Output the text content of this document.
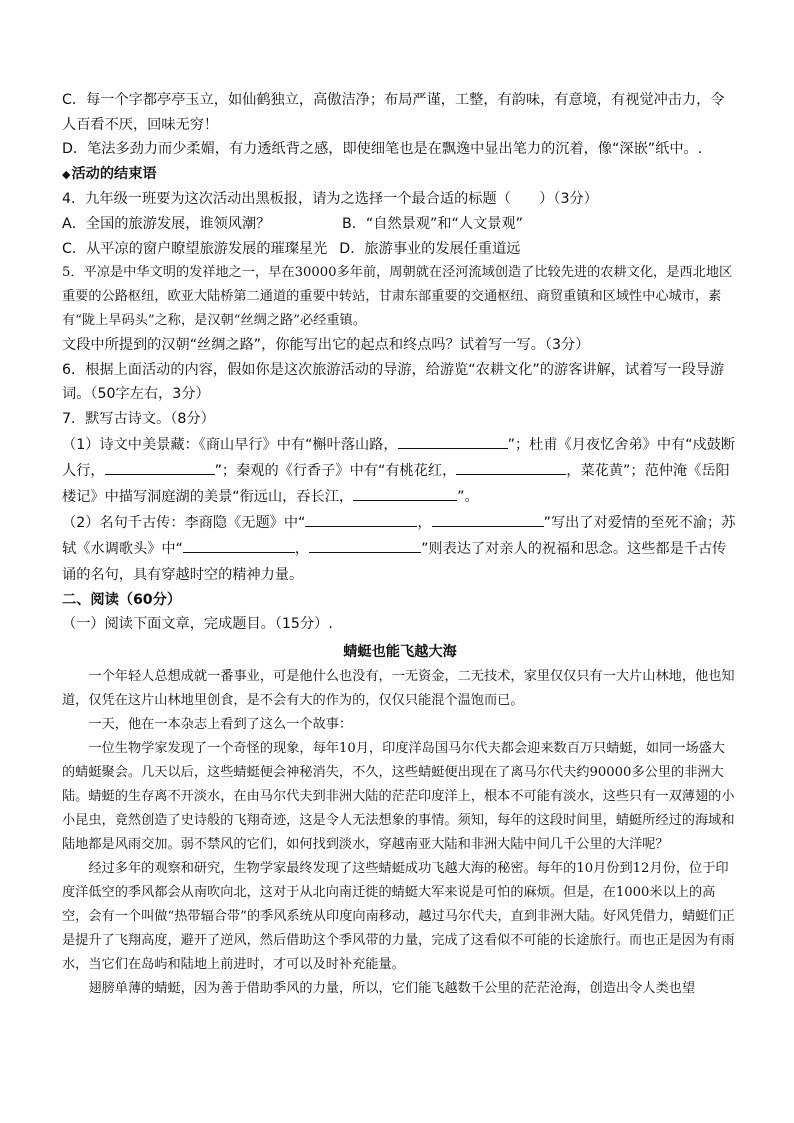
C．每一个字都亭亭玉立，如仙鹤独立，高傲洁净；布局严谨，工整，有韵味，有意境，有视觉冲击力，令人百看不厌，回味无穷！

D．笔法多劲力而少柔媚，有力透纸背之感，即使细笔也是在飘逸中显出笔力的沉着，像“深嵌”纸中。.

◆活动的结束语

4．九年级一班要为这次活动出黑板报，请为之选择一个最合适的标题（　　）（3分）

A．全国的旅游发展，谁领风潮？	B．“自然景观”和“人文景观”

C．从平凉的窗户瞭望旅游发展的璀璨星光 D．旅游事业的发展任重道远

5．平凉是中华文明的发祥地之一，早在30000多年前，周朝就在泾河流域创造了比较先进的农耕文化，是西北地区重要的公路枢纽，欧亚大陆桥第二通道的重要中转站，甘肃东部重要的交通枢纽、商贸重镇和区域性中心城市，素有“陇上旱码头”之称，是汉朝“丝绸之路”必经重镇。

文段中所提到的汉朝“丝绸之路”，你能写出它的起点和终点吗？试着写一写。（3分）

6．根据上面活动的内容，假如你是这次旅游活动的导游，给游览“农耕文化”的游客讲解，试着写一段导游词。（50字左右，3分）

7．默写古诗文。（8分）

（1）诗文中美景藏：《商山早行》中有“槲叶落山路，	”；杜甫《月夜忆舍弟》中有“戍鼓断人行，	”；秦观的《行香子》中有“有桃花红，	，菜花黄”；范仲淹《岳阳楼记》中描写洞庭湖的美景“衔远山，吞长江，	”。

（2）名句千古传：李商隐《无题》中“	，	”写出了对爱情的至死不渝；苏轼《水调歌头》中“	，	”则表达了对亲人的祝福和思念。这些都是千古传诵的名句，具有穿越时空的精神力量。

二、阅读（60分）

（一）阅读下面文章，完成题目。（15分）.

蜻蜓也能飞越大海

一个年轻人总想成就一番事业，可是他什么也没有，一无资金，二无技术，家里仅仅只有一大片山林地，他也知道，仅凭在这片山林地里创食，是不会有大的作为的，仅仅只能混个温饱而已。

一天，他在一本杂志上看到了这么一个故事：

一位生物学家发现了一个奇怪的现象，每年10月，印度洋岛国马尔代夫都会迎来数百万只蜻蜓，如同一场盛大的蜻蜓聚会。几天以后，这些蜻蜓便会神秘消失，不久，这些蜻蜓便出现在了离马尔代夫约90000多公里的非洲大陆。蜻蜓的生存离不开淡水，在由马尔代夫到非洲大陆的茫茫印度洋上，根本不可能有淡水，这些只有一双薄翅的小小昆虫，竟然创造了史诗般的飞翔奇迹，这是令人无法想象的事情。须知，每年的这段时间里，蜻蜓所经过的海域和陆地都是风雨交加。弱不禁风的它们，如何找到淡水，穿越南亚大陆和非洲大陆中间几千公里的大洋呢？

经过多年的观察和研究，生物学家最终发现了这些蜻蜓成功飞越大海的秘密。每年的10月份到12月份，位于印度洋低空的季风都会从南吹向北，这对于从北向南迁徙的蜻蜓大军来说是可怕的麻烦。但是，在1000米以上的高空，会有一个叫做“热带辐合带”的季风系统从印度向南移动，越过马尔代夫，直到非洲大陆。好风凭借力，蜻蜓们正是提升了飞翔高度，避开了逆风，然后借助这个季风带的力量，完成了这看似不可能的长途旅行。而也正是因为有雨水，当它们在岛屿和陆地上前进时，才可以及时补充能量。

翅膀单薄的蜻蜓，因为善于借助季风的力量，所以，它们能飞越数千公里的茫茫沧海，创造出令人类也望
